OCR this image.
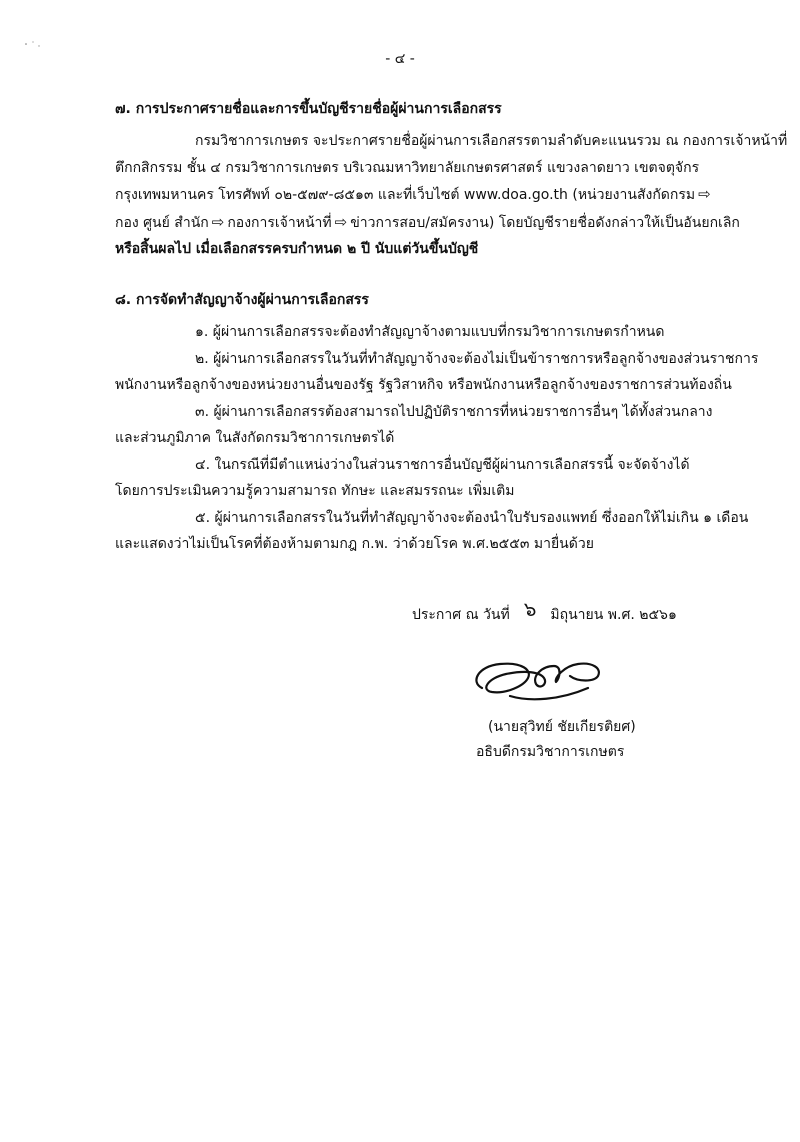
- ๔ -

๗. การประกาศรายชื่อและการขึ้นบัญชีรายชื่อผู้ผ่านการเลือกสรร

กรมวิชาการเกษตร จะประกาศรายชื่อผู้ผ่านการเลือกสรรตามลำดับคะแนนรวม ณ กองการเจ้าหน้าที่
ตึกกสิกรรม ชั้น ๔ กรมวิชาการเกษตร บริเวณมหาวิทยาลัยเกษตรศาสตร์ แขวงลาดยาว เขตจตุจักร
กรุงเทพมหานคร โทรศัพท์ ๐๒-๕๗๙-๘๕๑๓ และที่เว็บไซต์ www.doa.go.th (หน่วยงานสังกัดกรม ⇨
กอง ศูนย์ สำนัก ⇨ กองการเจ้าหน้าที่ ⇨ ข่าวการสอบ/สมัครงาน) โดยบัญชีรายชื่อดังกล่าวให้เป็นอันยกเลิก
หรือสิ้นผลไป เมื่อเลือกสรรครบกำหนด ๒ ปี นับแต่วันขึ้นบัญชี

๘. การจัดทำสัญญาจ้างผู้ผ่านการเลือกสรร

๑. ผู้ผ่านการเลือกสรรจะต้องทำสัญญาจ้างตามแบบที่กรมวิชาการเกษตรกำหนด
๒. ผู้ผ่านการเลือกสรรในวันที่ทำสัญญาจ้างจะต้องไม่เป็นข้าราชการหรือลูกจ้างของส่วนราชการ
พนักงานหรือลูกจ้างของหน่วยงานอื่นของรัฐ รัฐวิสาหกิจ หรือพนักงานหรือลูกจ้างของราชการส่วนท้องถิ่น
๓. ผู้ผ่านการเลือกสรรต้องสามารถไปปฏิบัติราชการที่หน่วยราชการอื่นๆ ได้ทั้งส่วนกลาง
และส่วนภูมิภาค ในสังกัดกรมวิชาการเกษตรได้
๔. ในกรณีที่มีตำแหน่งว่างในส่วนราชการอื่นบัญชีผู้ผ่านการเลือกสรรนี้ จะจัดจ้างได้
โดยการประเมินความรู้ความสามารถ ทักษะ และสมรรถนะ เพิ่มเติม
๕. ผู้ผ่านการเลือกสรรในวันที่ทำสัญญาจ้างจะต้องนำใบรับรองแพทย์ ซึ่งออกให้ไม่เกิน ๑ เดือน
และแสดงว่าไม่เป็นโรคที่ต้องห้ามตามกฎ ก.พ. ว่าด้วยโรค พ.ศ.๒๕๕๓ มายื่นด้วย

ประกาศ ณ วันที่ ๖ มิถุนายน พ.ศ. ๒๕๖๑
(นายสุวิทย์ ชัยเกียรติยศ)
อธิบดีกรมวิชาการเกษตร
